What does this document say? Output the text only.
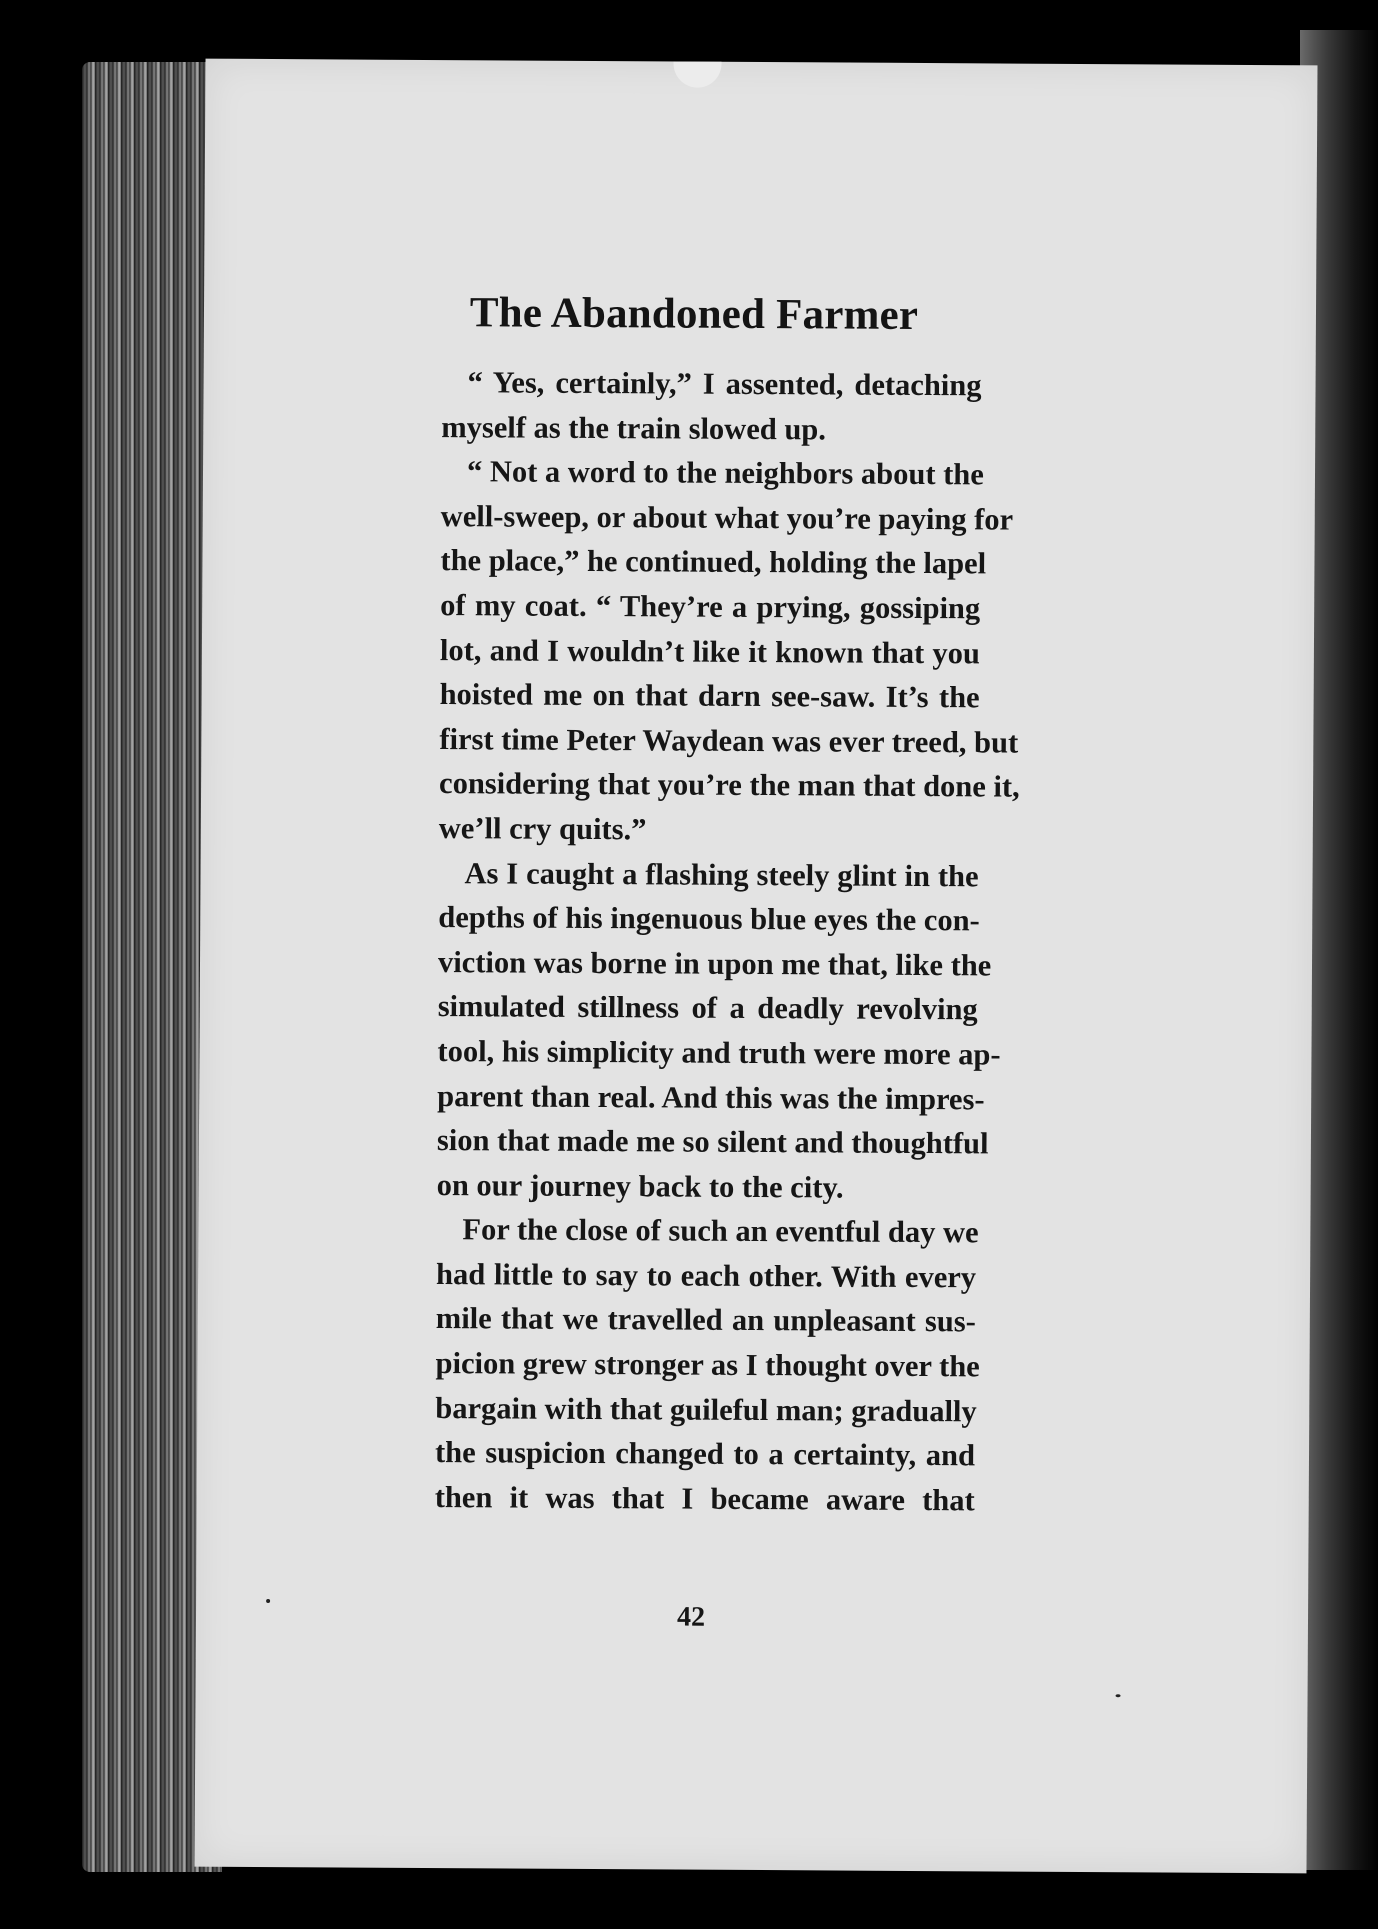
The Abandoned Farmer

“ Yes, certainly,” I assented, detaching
myself as the train slowed up.

“ Not a word to the neighbors about the
well-sweep, or about what you’re paying for
the place,” he continued, holding the lapel
of my coat. “ They’re a prying, gossiping
lot, and I wouldn’t like it known that you
hoisted me on that darn see-saw. It’s the
first time Peter Waydean was ever treed, but
considering that you’re the man that done it,
we’ll cry quits.”

As I caught a flashing steely glint in the
depths of his ingenuous blue eyes the con-
viction was borne in upon me that, like the
simulated stillness of a deadly revolving
tool, his simplicity and truth were more ap-
parent than real. And this was the impres-
sion that made me so silent and thoughtful
on our journey back to the city.

For the close of such an eventful day we
had little to say to each other. With every
mile that we travelled an unpleasant sus-
picion grew stronger as I thought over the
bargain with that guileful man; gradually
the suspicion changed to a certainty, and
then it was that I became aware that

42
